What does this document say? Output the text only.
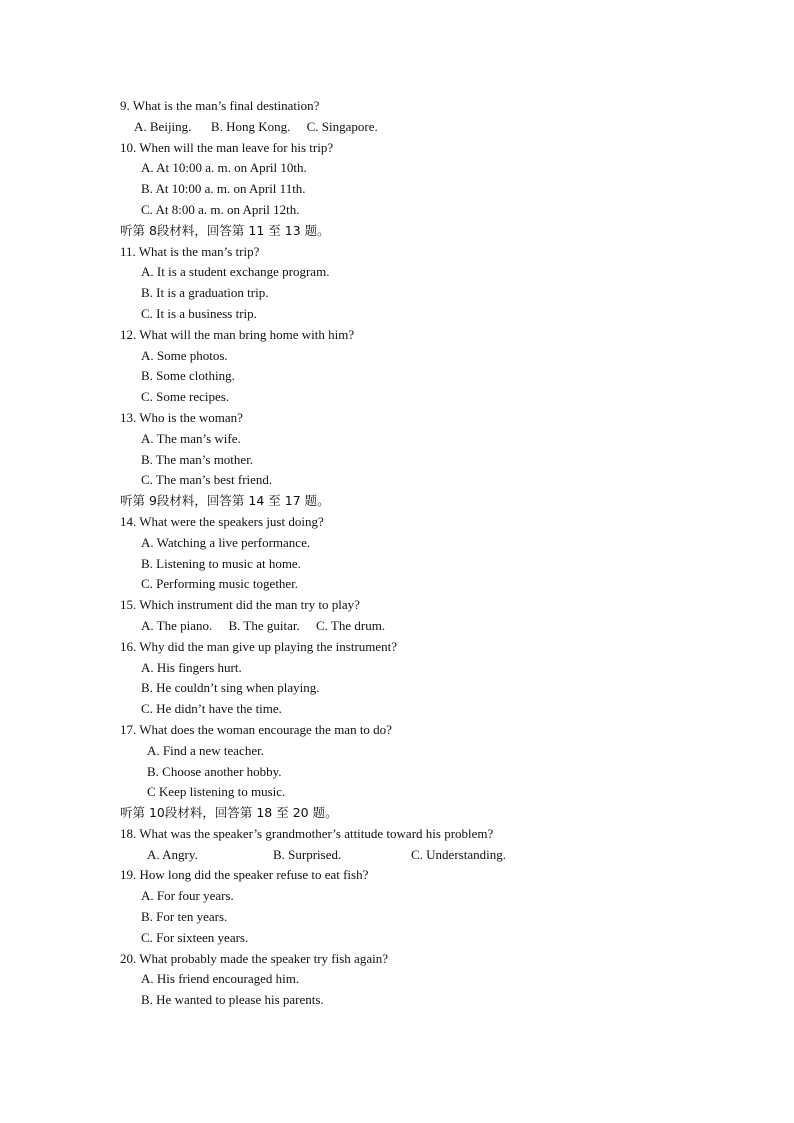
9. What is the man’s final destination?
A. Beijing.      B. Hong Kong.     C. Singapore.
10. When will the man leave for his trip?
A. At 10:00 a. m. on April 10th.
B. At 10:00 a. m. on April 11th.
C. At 8:00 a. m. on April 12th.
听第 8段材料，回答第 11 至 13 题。
11. What is the man’s trip?
A. It is a student exchange program.
B. It is a graduation trip.
C. It is a business trip.
12. What will the man bring home with him?
A. Some photos.
B. Some clothing.
C. Some recipes.
13. Who is the woman?
A. The man’s wife.
B. The man’s mother.
C. The man’s best friend.
听第 9段材料，回答第 14 至 17 题。
14. What were the speakers just doing?
A. Watching a live performance.
B. Listening to music at home.
C. Performing music together.
15. Which instrument did the man try to play?
A. The piano.     B. The guitar.     C. The drum.
16. Why did the man give up playing the instrument?
A. His fingers hurt.
B. He couldn’t sing when playing.
C. He didn’t have the time.
17. What does the woman encourage the man to do?
A. Find a new teacher.
B. Choose another hobby.
C Keep listening to music.
听第 10段材料，回答第 18 至 20 题。
18. What was the speaker’s grandmother’s attitude toward his problem?
A. Angry.	B. Surprised.	C. Understanding.
19. How long did the speaker refuse to eat fish?
A. For four years.
B. For ten years.
C. For sixteen years.
20. What probably made the speaker try fish again?
A. His friend encouraged him.
B. He wanted to please his parents.
